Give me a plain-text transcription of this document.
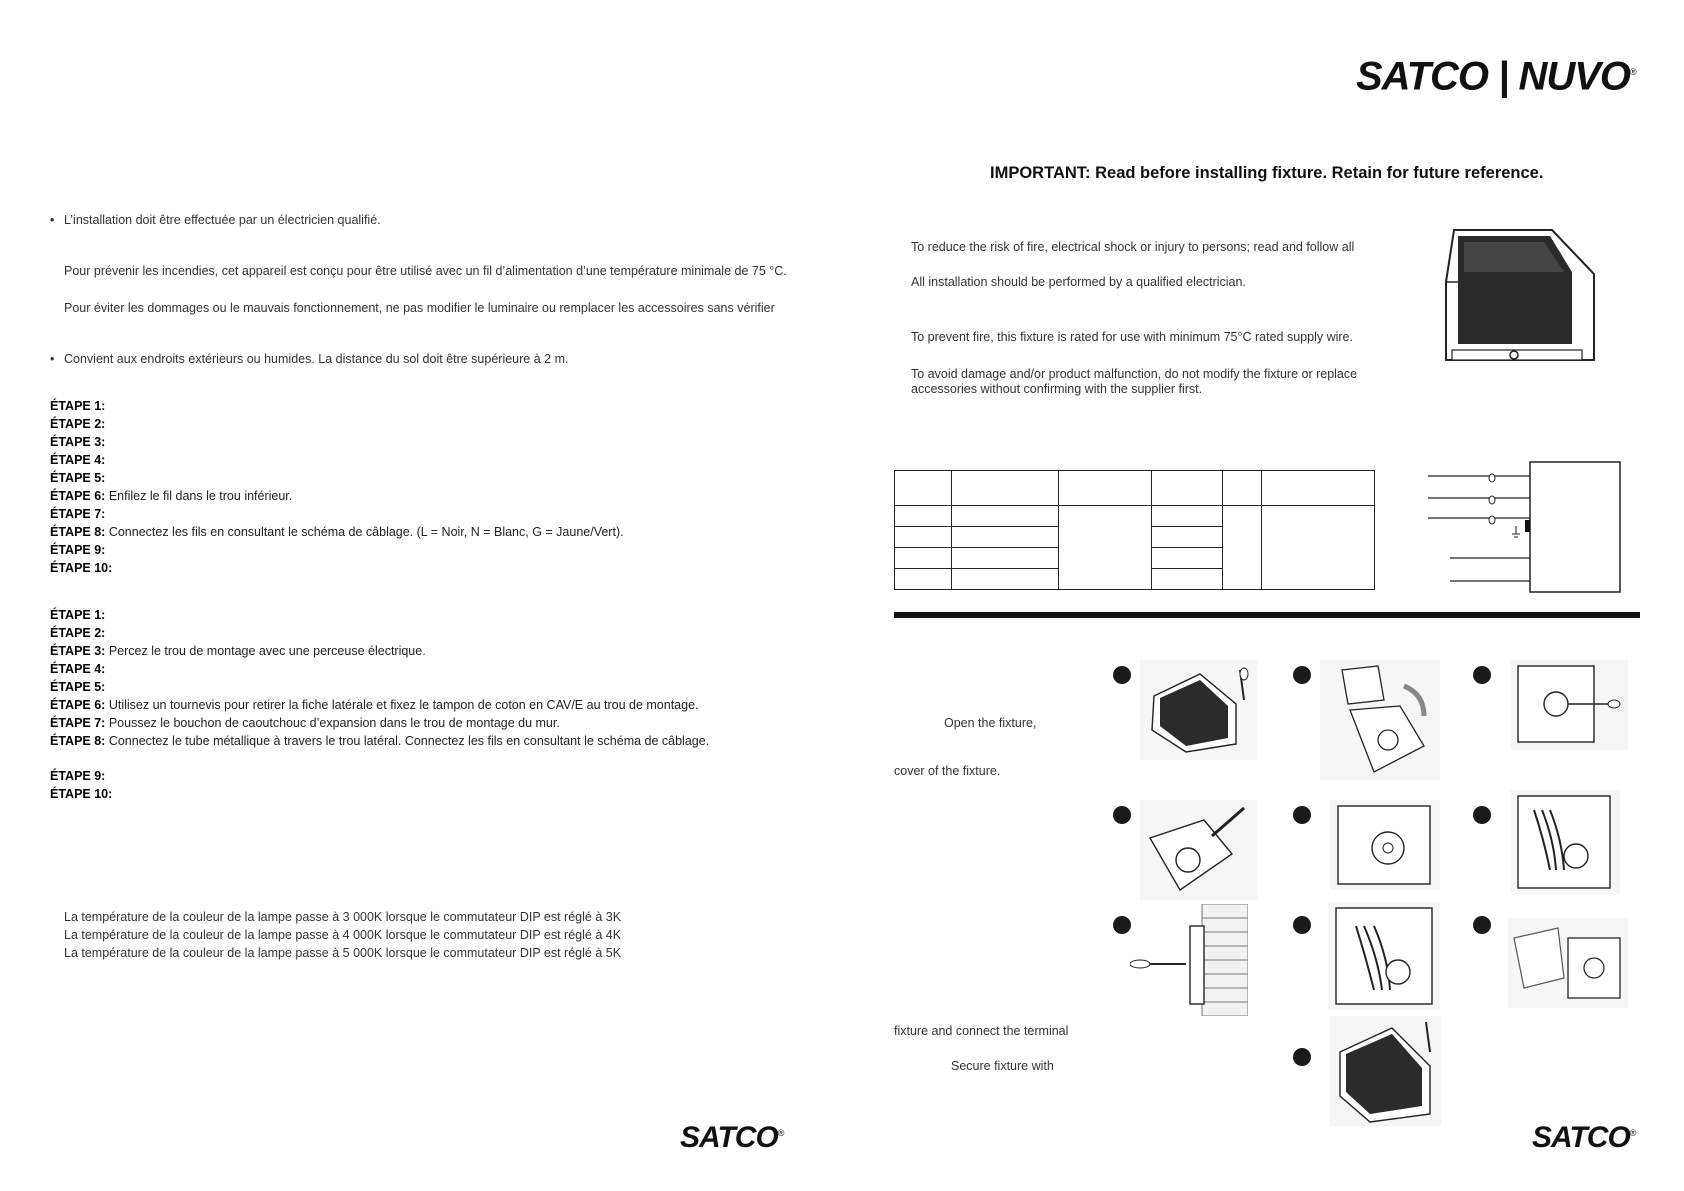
SATCO | NUVO®
IMPORTANT: Read before installing fixture. Retain for future reference.
• L’installation doit être effectuée par un électricien qualifié.
Pour prévenir les incendies, cet appareil est conçu pour être utilisé avec un fil d’alimentation d’une température minimale de 75 °C.
Pour éviter les dommages ou le mauvais fonctionnement, ne pas modifier le luminaire ou remplacer les accessoires sans vérifier
• Convient aux endroits extérieurs ou humides. La distance du sol doit être supérieure à 2 m.
ÉTAPE 1:
ÉTAPE 2:
ÉTAPE 3:
ÉTAPE 4:
ÉTAPE 5:
ÉTAPE 6: Enfilez le fil dans le trou inférieur.
ÉTAPE 7:
ÉTAPE 8: Connectez les fils en consultant le schéma de câblage. (L = Noir, N = Blanc, G = Jaune/Vert).
ÉTAPE 9:
ÉTAPE 10:
ÉTAPE 1:
ÉTAPE 2:
ÉTAPE 3: Percez le trou de montage avec une perceuse électrique.
ÉTAPE 4:
ÉTAPE 5:
ÉTAPE 6: Utilisez un tournevis pour retirer la fiche latérale et fixez le tampon de coton en CAV/E au trou de montage.
ÉTAPE 7: Poussez le bouchon de caoutchouc d’expansion dans le trou de montage du mur.
ÉTAPE 8: Connectez le tube métallique à travers le trou latéral. Connectez les fils en consultant le schéma de câblage.
ÉTAPE 9:
ÉTAPE 10:
La température de la couleur de la lampe passe à 3 000K lorsque le commutateur DIP est réglé à 3K
La température de la couleur de la lampe passe à 4 000K lorsque le commutateur DIP est réglé à 4K
La température de la couleur de la lampe passe à 5 000K lorsque le commutateur DIP est réglé à 5K
SATCO®
To reduce the risk of fire, electrical shock or injury to persons; read and follow all
All installation should be performed by a qualified electrician.
To prevent fire, this fixture is rated for use with minimum 75°C rated supply wire.
To avoid damage and/or product malfunction, do not modify the fixture or replace
accessories without confirming with the supplier first.

Open the fixture,
cover of the fixture.
fixture and connect the terminal
Secure fixture with
SATCO®
